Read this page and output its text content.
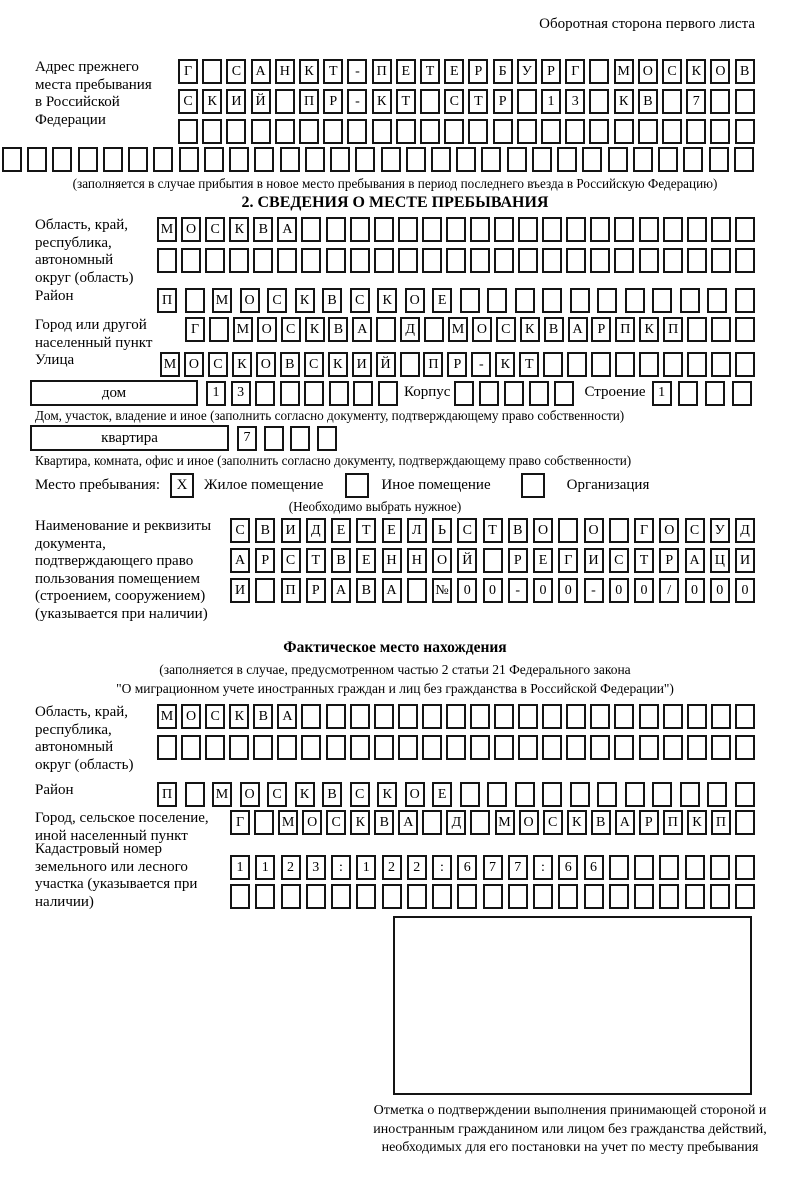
Оборотная сторона первого листа
Адрес прежнего места пребывания в Российской Федерации
Г	С	А	Н	К	Т	-	П	Е	Т	Е	Р	Б	У	Р	Г	М О	С	К	О	В
С	К	И	Й	П	Р	-	К	Т	С	Т	Р	1	3	К	В	7
(заполняется в случае прибытия в новое место пребывания в период последнего въезда в Российскую Федерацию)
2. СВЕДЕНИЯ О МЕСТЕ ПРЕБЫВАНИЯ
Область, край, республика, автономный округ (область)
М О	С	К	В	А
Район	П	М	О	С	К	В	С	К	О	Е
Город или другой населенный пункт
Г	М О	С	К	В	А	Д	М О	С	К	В	А	Р	П	К	П
Улица	М О	С	К	О	В	С	К	И Й	П	Р	-	К	Т
дом	1	3	Корпус	Строение 1
Дом, участок, владение и иное (заполнить согласно документу, подтверждающему право собственности)
квартира	7
Квартира, комната, офис и иное (заполнить согласно документу, подтверждающему право собственности)
Место пребывания:	X	Жилое помещение	Иное помещение	Организация
(Необходимо выбрать нужное)
Наименование и реквизиты документа, подтверждающего право пользования помещением (строением, сооружением) (указывается при наличии)
С	В	И	Д	Е	Т	Е	Л	Ь	С	Т	В	О	О	Г	О	С	У	Д
А	Р	С	Т	В	Е	Н	Н	О	Й	Р	Е	Г	И	С	Т	Р	А	Ц	И
И	П	Р	А	В	А	№	0	0	-	0	0	-	0	0	/	0	0	0
Фактическое место нахождения
(заполняется в случае, предусмотренном частью 2 статьи 21 Федерального закона
"О миграционном учете иностранных граждан и лиц без гражданства в Российской Федерации")
Область, край, республика, автономный округ (область)
М О	С	К	В	А
Район	П	М	О	С	К	В	С	К	О	Е
Город, сельское поселение, иной населенный пункт
Г	М О	С	К	В	А	Д	М О	С	К	В	А	Р	П	К	П
Кадастровый номер земельного или лесного участка (указывается при наличии)
1	1	2	3	:	1	2	2	:	6	7	7	:	6	6
Отметка о подтверждении выполнения принимающей стороной и иностранным гражданином или лицом без гражданства действий, необходимых для его постановки на учет по месту пребывания
